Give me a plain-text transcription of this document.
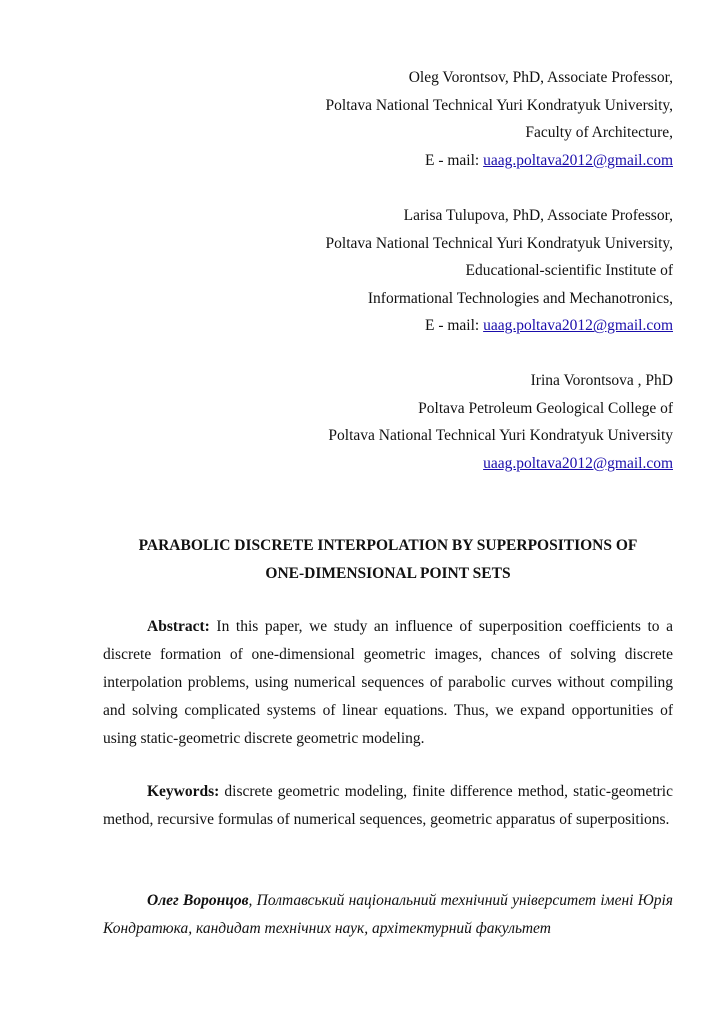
Oleg Vorontsov, PhD, Associate Professor,
Poltava National Technical Yuri Kondratyuk University,
Faculty of Architecture,
E - mail: uaag.poltava2012@gmail.com
Larisa Tulupova, PhD, Associate Professor,
Poltava National Technical Yuri Kondratyuk University,
Educational-scientific Institute of
Informational Technologies and Mechanotronics,
E - mail: uaag.poltava2012@gmail.com
Irina Vorontsova , PhD
Poltava Petroleum Geological College of
Poltava National Technical Yuri Kondratyuk University
uaag.poltava2012@gmail.com
PARABOLIC DISCRETE INTERPOLATION BY SUPERPOSITIONS OF
ONE-DIMENSIONAL POINT SETS
Abstract: In this paper, we study an influence of superposition coefficients to a discrete formation of one-dimensional geometric images, chances of solving discrete interpolation problems, using numerical sequences of parabolic curves without compiling and solving complicated systems of linear equations. Thus, we expand opportunities of using static-geometric discrete geometric modeling.
Keywords: discrete geometric modeling, finite difference method, static-geometric method, recursive formulas of numerical sequences, geometric apparatus of superpositions.
Олег Воронцов, Полтавський національний технічний університет імені Юрія Кондратюка, кандидат технічних наук, архітектурний факультет
